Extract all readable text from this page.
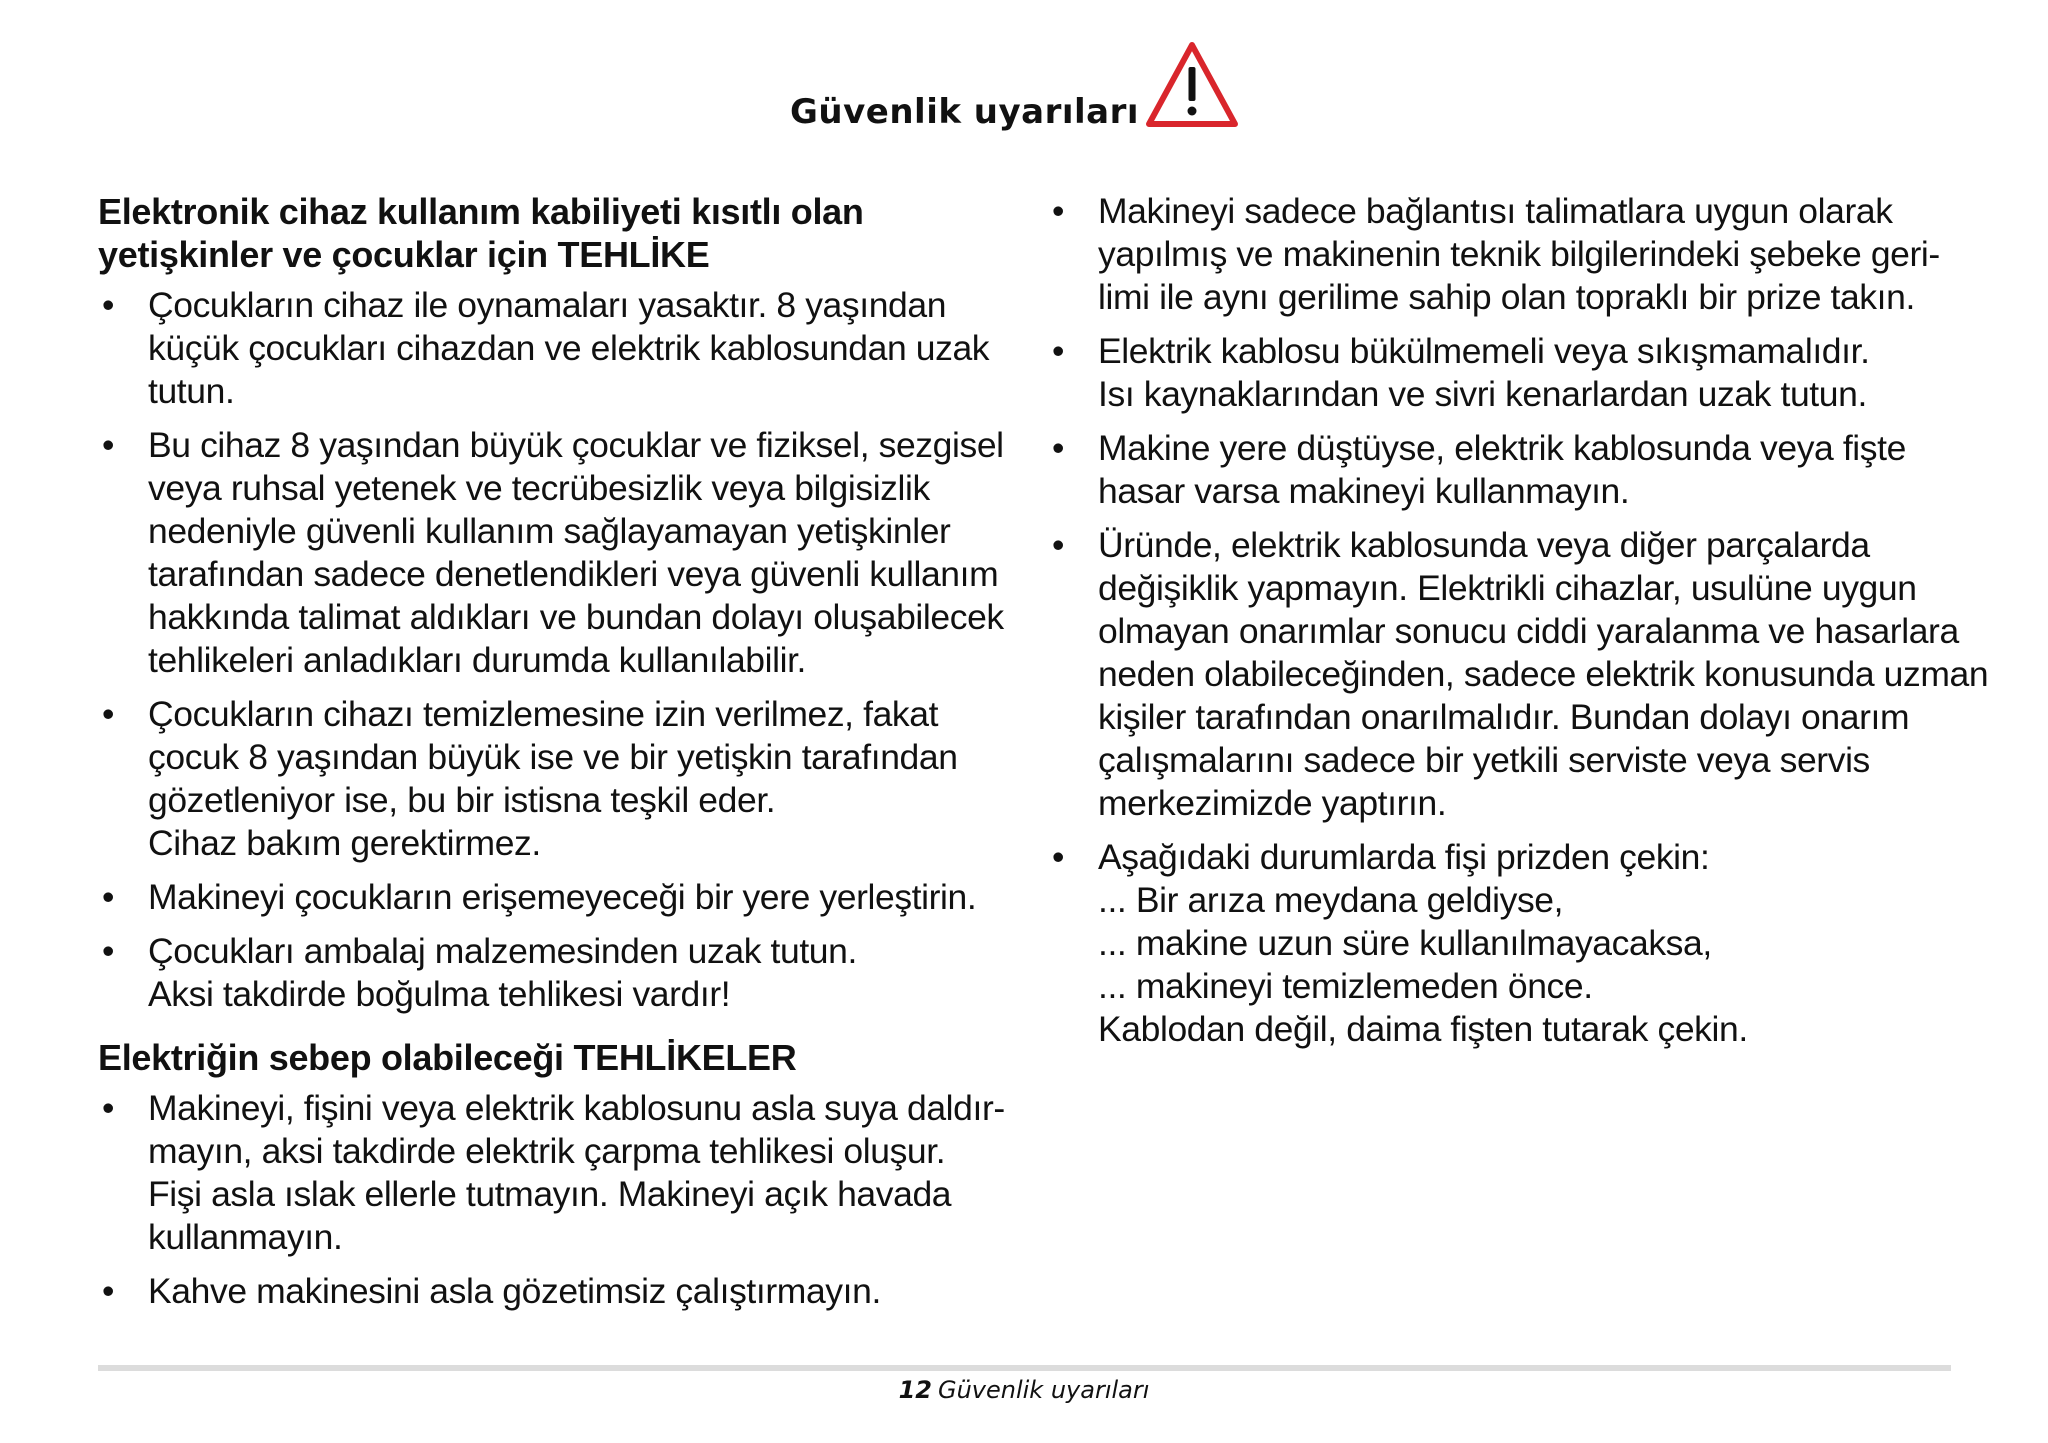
Güvenlik uyarıları
Elektronik cihaz kullanım kabiliyeti kısıtlı olan
yetişkinler ve çocuklar için TEHLİKE
• Çocukların cihaz ile oynamaları yasaktır. 8 yaşından
küçük çocukları cihazdan ve elektrik kablosundan uzak
tutun.
• Bu cihaz 8 yaşından büyük çocuklar ve fiziksel, sezgisel
veya ruhsal yetenek ve tecrübesizlik veya bilgisizlik
nedeniyle güvenli kullanım sağlayamayan yetişkinler
tarafından sadece denetlendikleri veya güvenli kullanım
hakkında talimat aldıkları ve bundan dolayı oluşabilecek
tehlikeleri anladıkları durumda kullanılabilir.
• Çocukların cihazı temizlemesine izin verilmez, fakat
çocuk 8 yaşından büyük ise ve bir yetişkin tarafından
gözetleniyor ise, bu bir istisna teşkil eder.
Cihaz bakım gerektirmez.
• Makineyi çocukların erişemeyeceği bir yere yerleştirin.
• Çocukları ambalaj malzemesinden uzak tutun.
Aksi takdirde boğulma tehlikesi vardır!
Elektriğin sebep olabileceği TEHLİKELER
• Makineyi, fişini veya elektrik kablosunu asla suya daldır-
mayın, aksi takdirde elektrik çarpma tehlikesi oluşur.
Fişi asla ıslak ellerle tutmayın. Makineyi açık havada
kullanmayın.
• Kahve makinesini asla gözetimsiz çalıştırmayın.
• Makineyi sadece bağlantısı talimatlara uygun olarak
yapılmış ve makinenin teknik bilgilerindeki şebeke geri-
limi ile aynı gerilime sahip olan topraklı bir prize takın.
• Elektrik kablosu bükülmemeli veya sıkışmamalıdır.
Isı kaynaklarından ve sivri kenarlardan uzak tutun.
• Makine yere düştüyse, elektrik kablosunda veya fişte
hasar varsa makineyi kullanmayın.
• Üründe, elektrik kablosunda veya diğer parçalarda
değişiklik yapmayın. Elektrikli cihazlar, usulüne uygun
olmayan onarımlar sonucu ciddi yaralanma ve hasarlara
neden olabileceğinden, sadece elektrik konusunda uzman
kişiler tarafından onarılmalıdır. Bundan dolayı onarım
çalışmalarını sadece bir yetkili serviste veya servis
merkezimizde yaptırın.
• Aşağıdaki durumlarda fişi prizden çekin:
... Bir arıza meydana geldiyse,
... makine uzun süre kullanılmayacaksa,
... makineyi temizlemeden önce.
Kablodan değil, daima fişten tutarak çekin.
12 Güvenlik uyarıları
